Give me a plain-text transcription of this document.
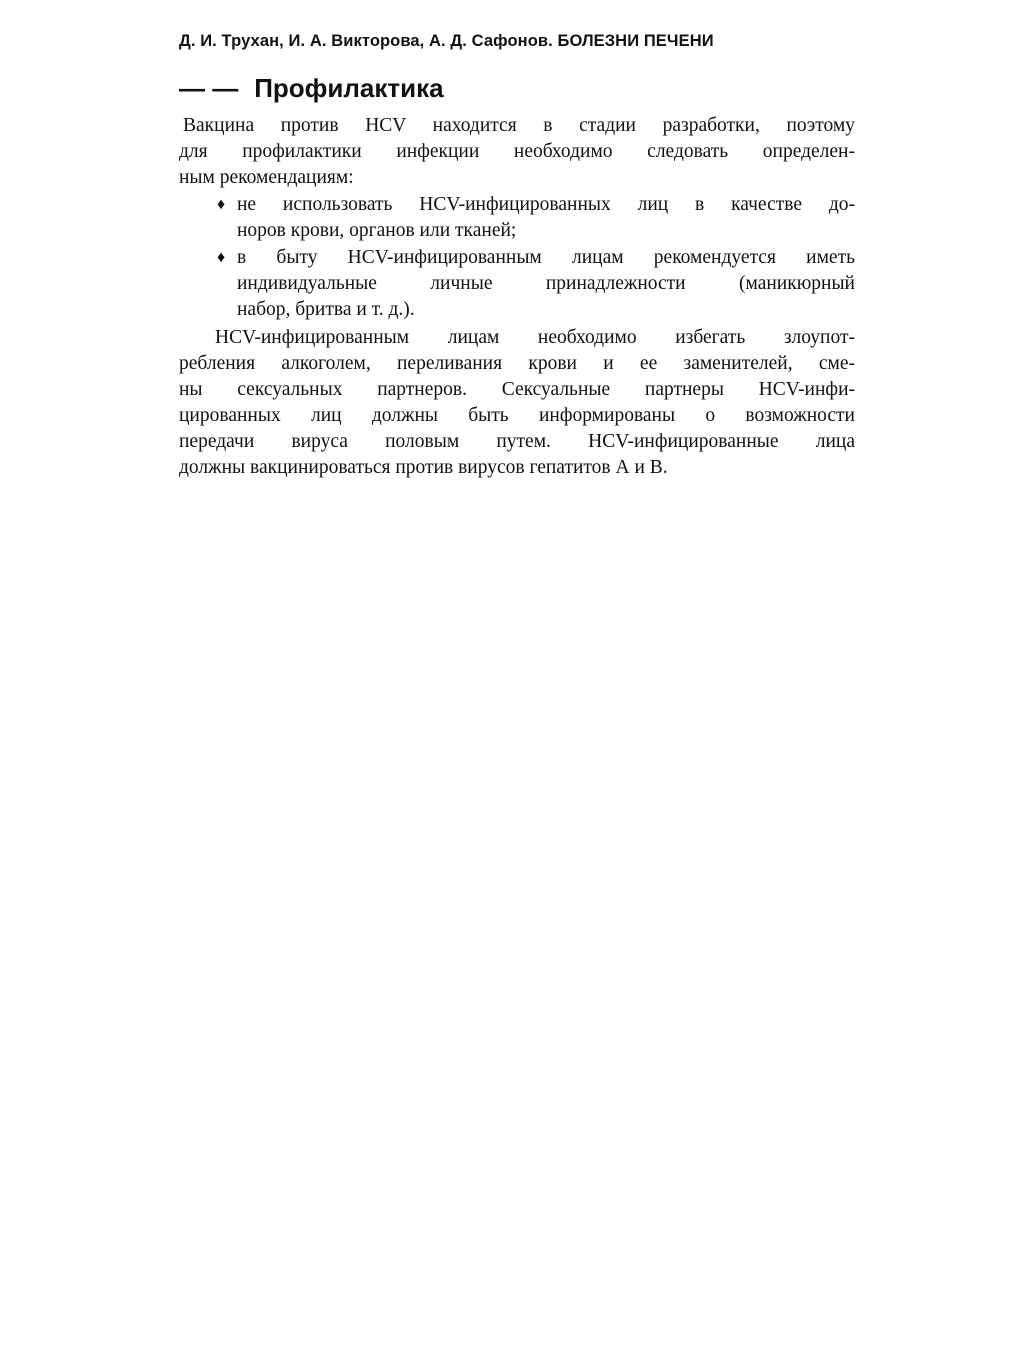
Д. И. Трухан, И. А. Викторова, А. Д. Сафонов. БОЛЕЗНИ ПЕЧЕНИ
— — Профилактика
Вакцина против HCV находится в стадии разработки, поэтому
для профилактики инфекции необходимо следовать определен-
ным рекомендациям:
♦ не использовать HCV-инфицированных лиц в качестве до-
норов крови, органов или тканей;
♦ в быту HCV-инфицированным лицам рекомендуется иметь
индивидуальные личные принадлежности (маникюрный
набор, бритва и т. д.).
HCV-инфицированным лицам необходимо избегать злоупот-
ребления алкоголем, переливания крови и ее заменителей, сме-
ны сексуальных партнеров. Сексуальные партнеры HCV-инфи-
цированных лиц должны быть информированы о возможности
передачи вируса половым путем. HCV-инфицированные лица
должны вакцинироваться против вирусов гепатитов А и В.
